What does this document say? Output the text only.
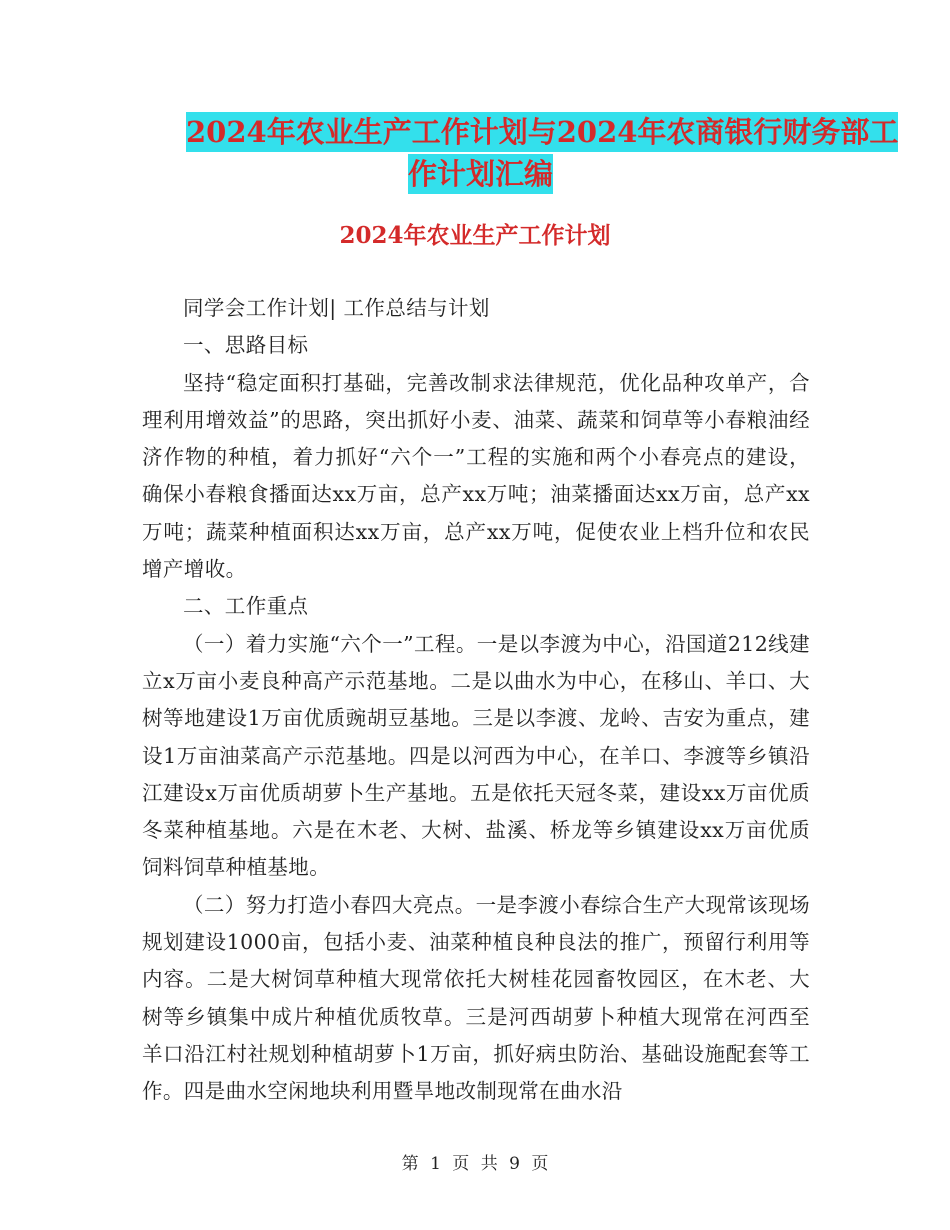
2024年农业生产工作计划与2024年农商银行财务部工
作计划汇编
2024年农业生产工作计划

同学会工作计划| 工作总结与计划

一、思路目标

坚持“稳定面积打基础，完善改制求法律规范，优化品种攻单产，合理利用增效益”的思路，突出抓好小麦、油菜、蔬菜和饲草等小春粮油经济作物的种植，着力抓好“六个一”工程的实施和两个小春亮点的建设，确保小春粮食播面达xx万亩，总产xx万吨；油菜播面达xx万亩，总产xx万吨；蔬菜种植面积达xx万亩，总产xx万吨，促使农业上档升位和农民增产增收。

二、工作重点

（一）着力实施“六个一”工程。一是以李渡为中心，沿国道212线建立x万亩小麦良种高产示范基地。二是以曲水为中心，在移山、羊口、大树等地建设1万亩优质豌胡豆基地。三是以李渡、龙岭、吉安为重点，建设1万亩油菜高产示范基地。四是以河西为中心，在羊口、李渡等乡镇沿江建设x万亩优质胡萝卜生产基地。五是依托天冠冬菜，建设xx万亩优质冬菜种植基地。六是在木老、大树、盐溪、桥龙等乡镇建设xx万亩优质饲料饲草种植基地。

（二）努力打造小春四大亮点。一是李渡小春综合生产大现常该现场规划建设1000亩，包括小麦、油菜种植良种良法的推广，预留行利用等内容。二是大树饲草种植大现常依托大树桂花园畜牧园区，在木老、大树等乡镇集中成片种植优质牧草。三是河西胡萝卜种植大现常在河西至羊口沿江村社规划种植胡萝卜1万亩，抓好病虫防治、基础设施配套等工作。四是曲水空闲地块利用暨旱地改制现常在曲水沿

第 1 页 共 9 页
